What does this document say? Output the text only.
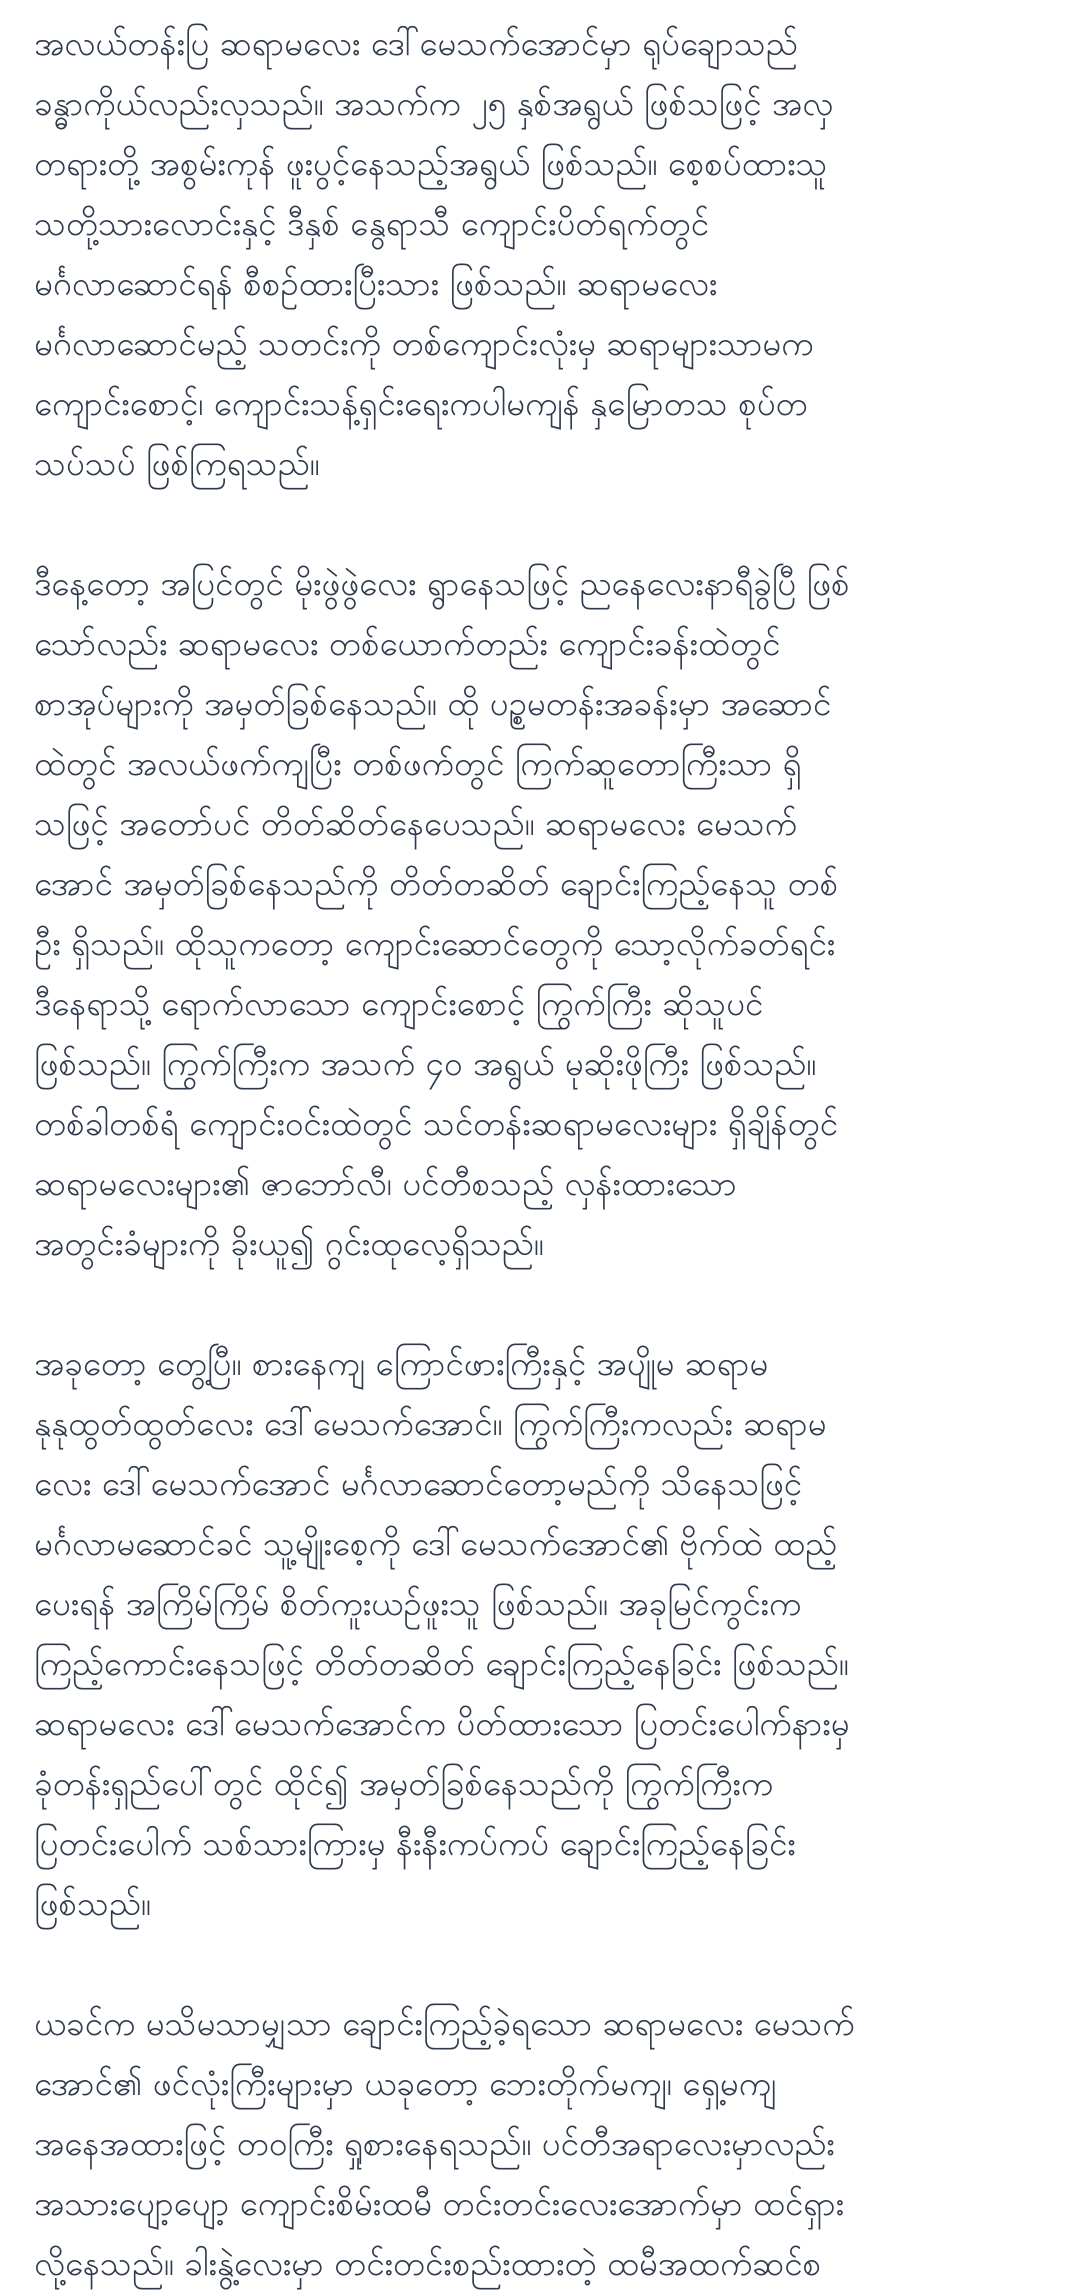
အလယ်တန်းပြ ဆရာမလေး ဒေါ်မေသက်အောင်မှာ ရုပ်ချောသည်
ခန္ဓာကိုယ်လည်းလှသည်။ အသက်က ၂၅ နှစ်အရွယ် ဖြစ်သဖြင့် အလှ
တရားတို့ အစွမ်းကုန် ဖူးပွင့်နေသည့်အရွယ် ဖြစ်သည်။ စေ့စပ်ထားသူ
သတို့သားလောင်းနှင့် ဒီနှစ် နွေရာသီ ကျောင်းပိတ်ရက်တွင်
မင်္ဂလာဆောင်ရန် စီစဉ်ထားပြီးသား ဖြစ်သည်။ ဆရာမလေး
မင်္ဂလာဆောင်မည့် သတင်းကို တစ်ကျောင်းလုံးမှ ဆရာများသာမက
ကျောင်းစောင့်၊ ကျောင်းသန့်ရှင်းရေးကပါမကျန် နှမြောတသ စုပ်တ
သပ်သပ် ဖြစ်ကြရသည်။
ဒီနေ့တော့ အပြင်တွင် မိုးဖွဲဖွဲလေး ရွာနေသဖြင့် ညနေလေးနာရီခွဲပြီ ဖြစ်
သော်လည်း ဆရာမလေး တစ်ယောက်တည်း ကျောင်းခန်းထဲတွင်
စာအုပ်များကို အမှတ်ခြစ်နေသည်။ ထို ပဉ္စမတန်းအခန်းမှာ အဆောင်
ထဲတွင် အလယ်ဖက်ကျပြီး တစ်ဖက်တွင် ကြက်ဆူတောကြီးသာ ရှိ
သဖြင့် အတော်ပင် တိတ်ဆိတ်နေပေသည်။ ဆရာမလေး မေသက်
အောင် အမှတ်ခြစ်နေသည်ကို တိတ်တဆိတ် ချောင်းကြည့်နေသူ တစ်
ဦး ရှိသည်။ ထိုသူကတော့ ကျောင်းဆောင်တွေကို သော့လိုက်ခတ်ရင်း
ဒီနေရာသို့ ရောက်လာသော ကျောင်းစောင့် ကြွက်ကြီး ဆိုသူပင်
ဖြစ်သည်။ ကြွက်ကြီးက အသက် ၄၀ အရွယ် မုဆိုးဖိုကြီး ဖြစ်သည်။
တစ်ခါတစ်ရံ ကျောင်းဝင်းထဲတွင် သင်တန်းဆရာမလေးများ ရှိချိန်တွင်
ဆရာမလေးများ၏ ဇာဘော်လီ၊ ပင်တီစသည့် လှန်းထားသော
အတွင်းခံများကို ခိုးယူ၍ ဂွင်းထုလေ့ရှိသည်။
အခုတော့ တွေ့ပြီ။ စားနေကျ ကြောင်ဖားကြီးနှင့် အပျိုမ ဆရာမ
နုနုထွတ်ထွတ်လေး ဒေါ်မေသက်အောင်။ ကြွက်ကြီးကလည်း ဆရာမ
လေး ဒေါ်မေသက်အောင် မင်္ဂလာဆောင်တော့မည်ကို သိနေသဖြင့်
မင်္ဂလာမဆောင်ခင် သူ့မျိုးစေ့ကို ဒေါ်မေသက်အောင်၏ ဗိုက်ထဲ ထည့်
ပေးရန် အကြိမ်ကြိမ် စိတ်ကူးယဉ်ဖူးသူ ဖြစ်သည်။ အခုမြင်ကွင်းက
ကြည့်ကောင်းနေသဖြင့် တိတ်တဆိတ် ချောင်းကြည့်နေခြင်း ဖြစ်သည်။
ဆရာမလေး ဒေါ်မေသက်အောင်က ပိတ်ထားသော ပြတင်းပေါက်နားမှ
ခုံတန်းရှည်ပေါ်တွင် ထိုင်၍ အမှတ်ခြစ်နေသည်ကို ကြွက်ကြီးက
ပြတင်းပေါက် သစ်သားကြားမှ နီးနီးကပ်ကပ် ချောင်းကြည့်နေခြင်း
ဖြစ်သည်။
ယခင်က မသိမသာမျှသာ ချောင်းကြည့်ခဲ့ရသော ဆရာမလေး မေသက်
အောင်၏ ဖင်လုံးကြီးများမှာ ယခုတော့ ဘေးတိုက်မကျ၊ ရှေ့မကျ
အနေအထားဖြင့် တဝကြီး ရှုစားနေရသည်။ ပင်တီအရာလေးမှာလည်း
အသားပျော့ပျော့ ကျောင်းစိမ်းထမီ တင်းတင်းလေးအောက်မှာ ထင်ရှား
လို့နေသည်။ ခါးနွဲ့လေးမှာ တင်းတင်းစည်းထားတဲ့ ထမီအထက်ဆင်စ
